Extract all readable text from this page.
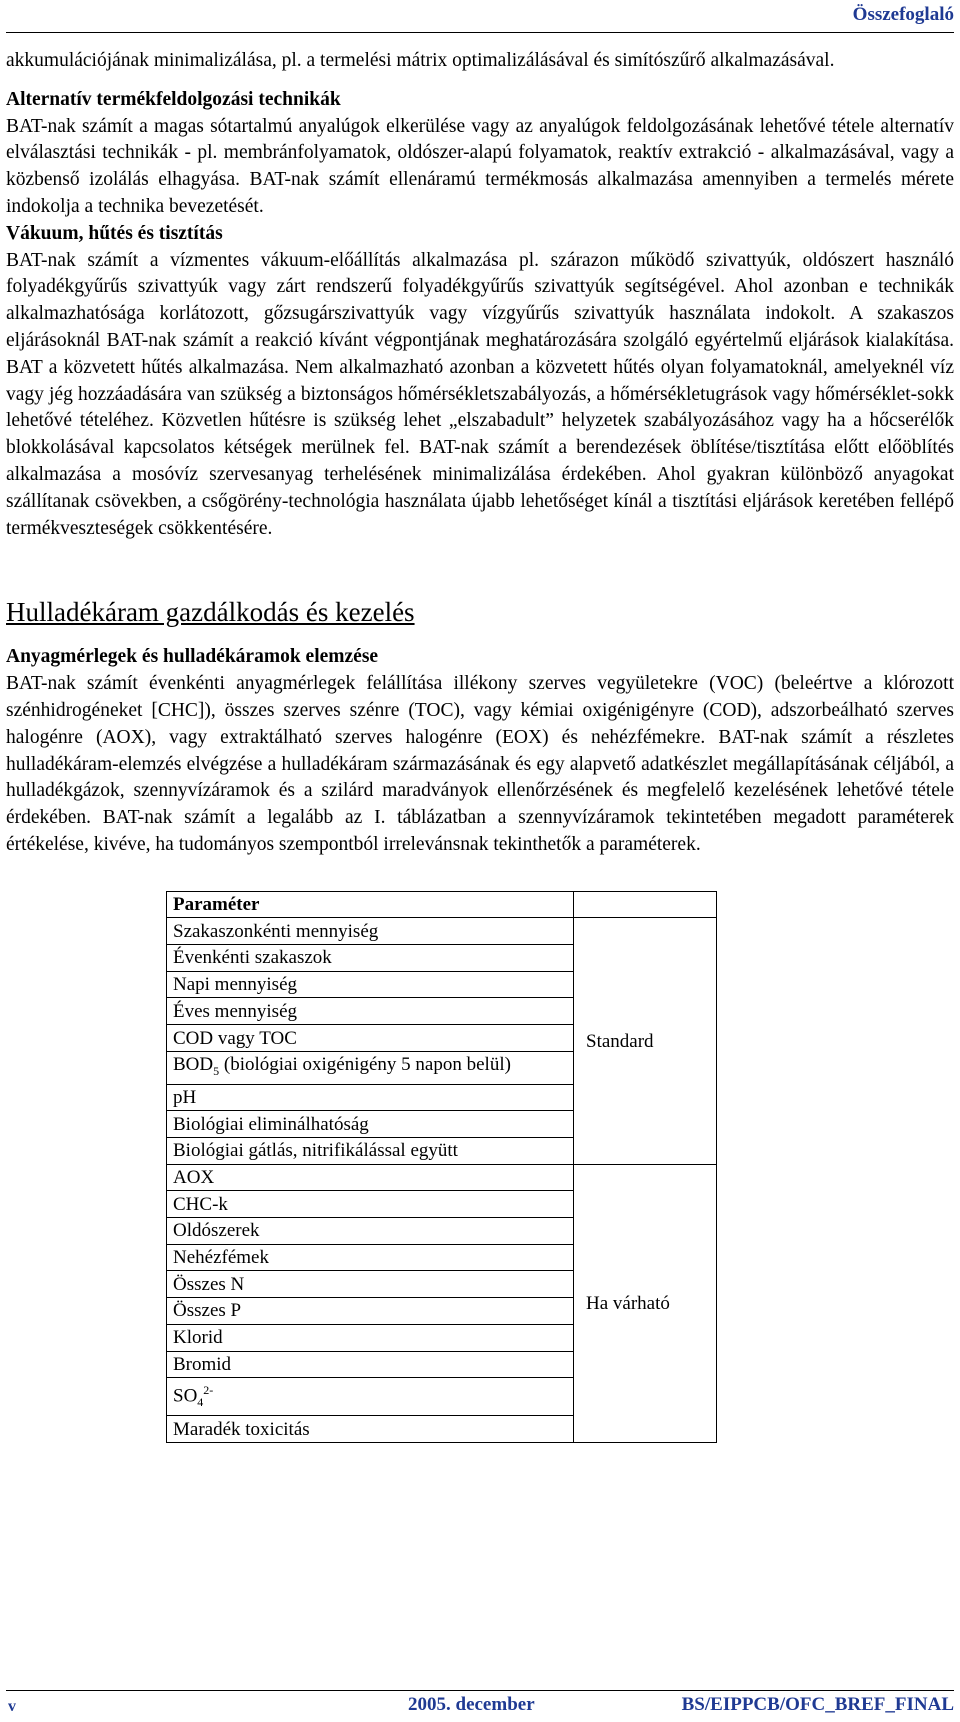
Összefoglaló

akkumulációjának minimalizálása, pl. a termelési mátrix optimalizálásával és simítószűrő alkalmazásával.

Alternatív termékfeldolgozási technikák

BAT-nak számít a magas sótartalmú anyalúgok elkerülése vagy az anyalúgok feldolgozásának lehetővé tétele alternatív elválasztási technikák - pl. membránfolyamatok, oldószer-alapú folyamatok, reaktív extrakció - alkalmazásával, vagy a közbenső izolálás elhagyása. BAT-nak számít ellenáramú termékmosás alkalmazása amennyiben a termelés mérete indokolja a technika bevezetését.

Vákuum, hűtés és tisztítás

BAT-nak számít a vízmentes vákuum-előállítás alkalmazása pl. szárazon működő szivattyúk, oldószert használó folyadékgyűrűs szivattyúk vagy zárt rendszerű folyadékgyűrűs szivattyúk segítségével. Ahol azonban e technikák alkalmazhatósága korlátozott, gőzsugárszivattyúk vagy vízgyűrűs szivattyúk használata indokolt. A szakaszos eljárásoknál BAT-nak számít a reakció kívánt végpontjának meghatározására szolgáló egyértelmű eljárások kialakítása. BAT a közvetett hűtés alkalmazása. Nem alkalmazható azonban a közvetett hűtés olyan folyamatoknál, amelyeknél víz vagy jég hozzáadására van szükség a biztonságos hőmérsékletszabályozás, a hőmérsékletugrások vagy hőmérséklet-sokk lehetővé tételéhez. Közvetlen hűtésre is szükség lehet „elszabadult” helyzetek szabályozásához vagy ha a hőcserélők blokkolásával kapcsolatos kétségek merülnek fel. BAT-nak számít a berendezések öblítése/tisztítása előtt előöblítés alkalmazása a mosóvíz szervesanyag terhelésének minimalizálása érdekében. Ahol gyakran különböző anyagokat szállítanak csövekben, a csőgörény-technológia használata újabb lehetőséget kínál a tisztítási eljárások keretében fellépő termékveszteségek csökkentésére.

Hulladékáram gazdálkodás és kezelés
Anyagmérlegek és hulladékáramok elemzése

BAT-nak számít évenkénti anyagmérlegek felállítása illékony szerves vegyületekre (VOC) (beleértve a klórozott szénhidrogéneket [CHC]), összes szerves szénre (TOC), vagy kémiai oxigénigényre (COD), adszorbeálható szerves halogénre (AOX), vagy extraktálható szerves halogénre (EOX) és nehézfémekre. BAT-nak számít a részletes hulladékáram-elemzés elvégzése a hulladékáram származásának és egy alapvető adatkészlet megállapításának céljából, a hulladékgázok, szennyvízáramok és a szilárd maradványok ellenőrzésének és megfelelő kezelésének lehetővé tétele érdekében. BAT-nak számít a legalább az I. táblázatban a szennyvízáramok tekintetében megadott paraméterek értékelése, kivéve, ha tudományos szempontból irrelevánsnak tekinthetők a paraméterek.

Paraméter	
Szakaszonkénti mennyiség	Standard
Évenkénti szakaszok	
Napi mennyiség	
Éves mennyiség	
COD vagy TOC	
$BOD_5$ (biológiai oxigénigény 5 napon belül)	
pH	
Biológiai eliminálhatóság	
Biológiai gátlás, nitrifikálással együtt	
AOX	Ha várható
CHC-k	
Oldószerek	
Nehézfémek	
Összes N	
Összes P	
Klorid	
Bromid	
$SO_4^{2-}$
Maradék toxicitás	
v	2005. december	BS/EIPPCB/OFC_BREF_FINAL
